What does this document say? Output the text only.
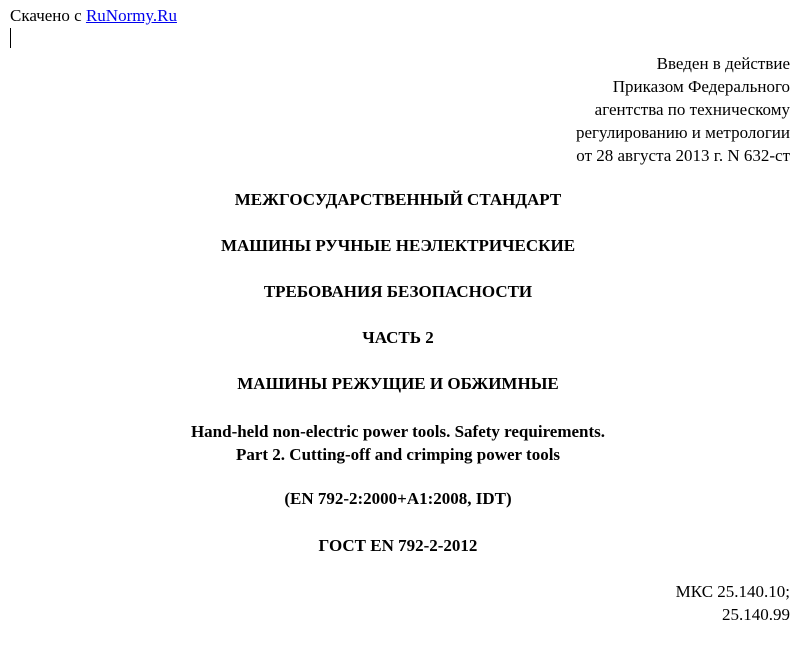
Скачено с RuNormy.Ru
Введен в действие
Приказом Федерального
агентства по техническому
регулированию и метрологии
от 28 августа 2013 г. N 632-ст
МЕЖГОСУДАРСТВЕННЫЙ СТАНДАРТ
МАШИНЫ РУЧНЫЕ НЕЭЛЕКТРИЧЕСКИЕ
ТРЕБОВАНИЯ БЕЗОПАСНОСТИ
ЧАСТЬ 2
МАШИНЫ РЕЖУЩИЕ И ОБЖИМНЫЕ
Hand-held non-electric power tools. Safety requirements.
Part 2. Cutting-off and crimping power tools
(EN 792-2:2000+A1:2008, IDT)
ГОСТ EN 792-2-2012
МКС 25.140.10;
25.140.99
